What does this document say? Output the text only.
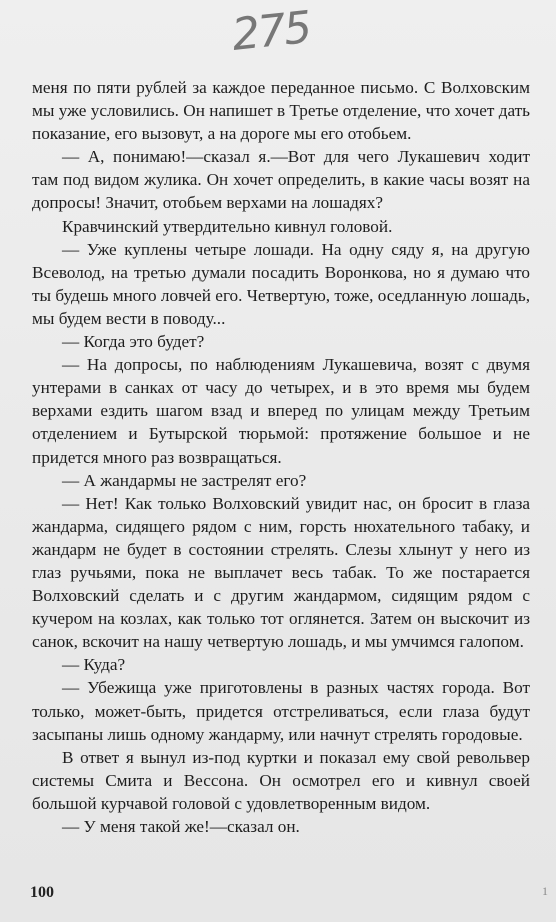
275

меня по пяти рублей за каждое переданное письмо. С Волховским мы уже условились. Он напишет в Третье отделение, что хочет дать показание, его вызовут, а на дороге мы его отобьем.

— А, понимаю!—сказал я.—Вот для чего Лукашевич ходит там под видом жулика. Он хочет определить, в какие часы возят на допросы! Значит, отобьем верхами на лошадях?

Кравчинский утвердительно кивнул головой.

— Уже куплены четыре лошади. На одну сяду я, на другую Всеволод, на третью думали посадить Воронкова, но я думаю что ты будешь много ловчей его. Четвертую, тоже, оседланную лошадь, мы будем вести в поводу...

— Когда это будет?

— На допросы, по наблюдениям Лукашевича, возят с двумя унтерами в санках от часу до четырех, и в это время мы будем верхами ездить шагом взад и вперед по улицам между Третьим отделением и Бутырской тюрьмой: протяжение большое и не придется много раз возвращаться.

— А жандармы не застрелят его?

— Нет! Как только Волховский увидит нас, он бросит в глаза жандарма, сидящего рядом с ним, горсть нюхательного табаку, и жандарм не будет в состоянии стрелять. Слезы хлынут у него из глаз ручьями, пока не выплачет весь табак. То же постарается Волховский сделать и с другим жандармом, сидящим рядом с кучером на козлах, как только тот оглянется. Затем он выскочит из санок, вскочит на нашу четвертую лошадь, и мы умчимся галопом.

— Куда?

— Убежища уже приготовлены в разных частях города. Вот только, может-быть, придется отстреливаться, если глаза будут засыпаны лишь одному жандарму, или начнут стрелять городовые.

В ответ я вынул из-под куртки и показал ему свой револьвер системы Смита и Вессона. Он осмотрел его и кивнул своей большой курчавой головой с удовлетворенным видом.

— У меня такой же!—сказал он.

100	1
